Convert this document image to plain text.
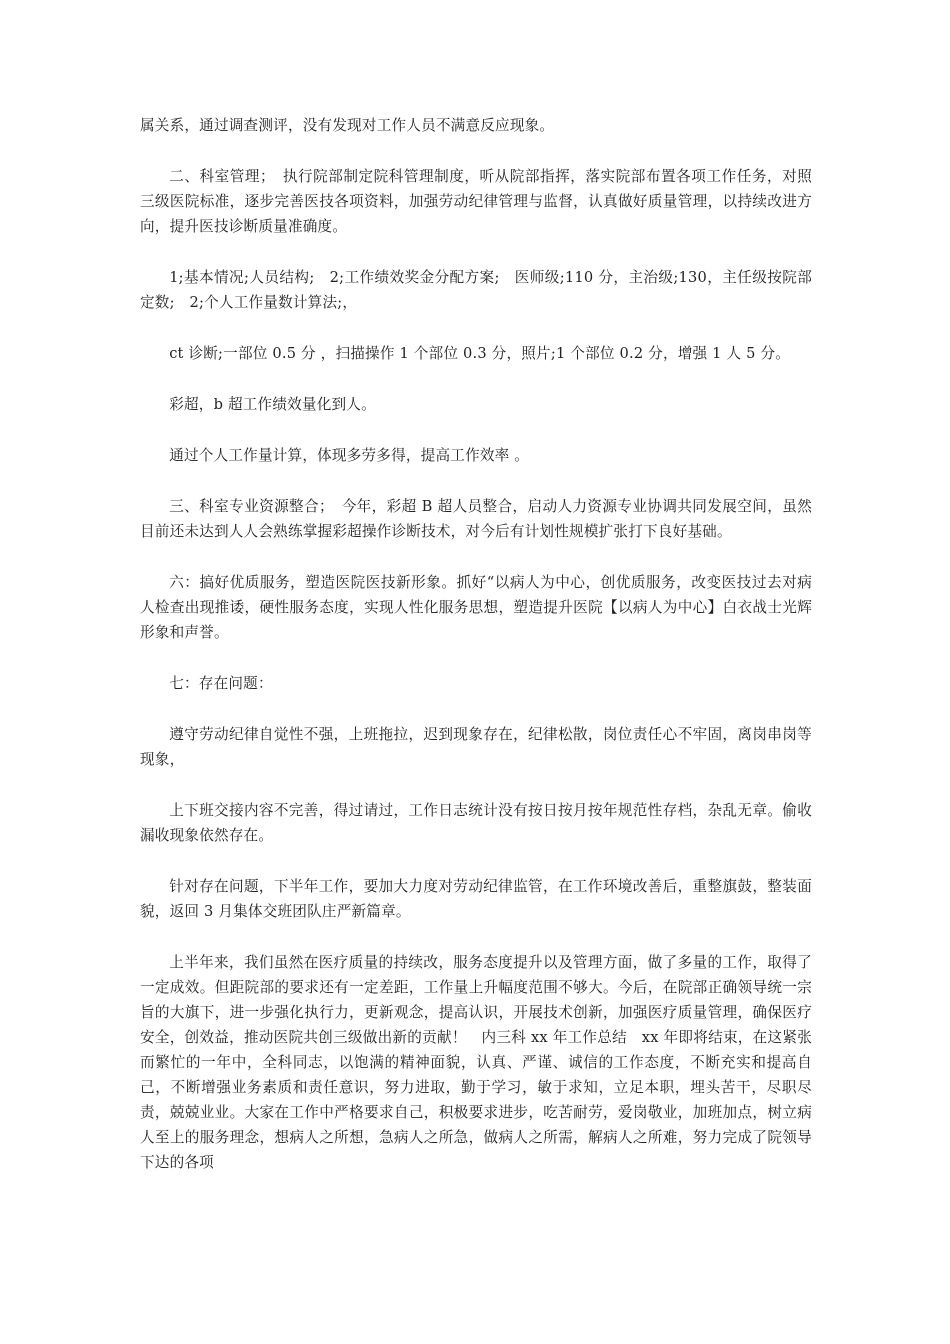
属关系，通过调查测评，没有发现对工作人员不满意反应现象。

二、科室管理；　执行院部制定院科管理制度，听从院部指挥，落实院部布置各项工作任务，对照三级医院标准，逐步完善医技各项资料，加强劳动纪律管理与监督，认真做好质量管理，以持续改进方向，提升医技诊断质量准确度。

1;基本情况;人员结构;　2;工作绩效奖金分配方案;　医师级;110 分，主治级;130，主任级按院部定数;　2;个人工作量数计算法;，

ct 诊断;一部位 0.5 分 ，扫描操作 1 个部位 0.3 分，照片;1 个部位 0.2 分，增强 1 人 5 分。

彩超，b 超工作绩效量化到人。

通过个人工作量计算，体现多劳多得，提高工作效率 。

三、科室专业资源整合；　今年，彩超 B 超人员整合，启动人力资源专业协调共同发展空间，虽然目前还未达到人人会熟练掌握彩超操作诊断技术，对今后有计划性规模扩张打下良好基础。

六：搞好优质服务，塑造医院医技新形象。抓好“以病人为中心，创优质服务，改变医技过去对病人检查出现推诿，硬性服务态度，实现人性化服务思想，塑造提升医院【以病人为中心】白衣战士光辉形象和声誉。

七：存在问题：

遵守劳动纪律自觉性不强，上班拖拉，迟到现象存在，纪律松散，岗位责任心不牢固，离岗串岗等现象，

上下班交接内容不完善，得过请过，工作日志统计没有按日按月按年规范性存档，杂乱无章。偷收漏收现象依然存在。

针对存在问题，下半年工作，要加大力度对劳动纪律监管，在工作环境改善后，重整旗鼓，整装面貌，返回 3 月集体交班团队庄严新篇章。

上半年来，我们虽然在医疗质量的持续改，服务态度提升以及管理方面，做了多量的工作，取得了一定成效。但距院部的要求还有一定差距，工作量上升幅度范围不够大。今后，在院部正确领导统一宗旨的大旗下，进一步强化执行力，更新观念，提高认识，开展技术创新，加强医疗质量管理，确保医疗安全，创效益，推动医院共创三级做出新的贡献！　内三科 xx 年工作总结　xx 年即将结束，在这紧张而繁忙的一年中，全科同志，以饱满的精神面貌，认真、严谨、诚信的工作态度，不断充实和提高自己，不断增强业务素质和责任意识，努力进取，勤于学习，敏于求知，立足本职，埋头苦干，尽职尽责，兢兢业业。大家在工作中严格要求自己，积极要求进步，吃苦耐劳，爱岗敬业，加班加点，树立病人至上的服务理念，想病人之所想，急病人之所急，做病人之所需，解病人之所难，努力完成了院领导下达的各项
